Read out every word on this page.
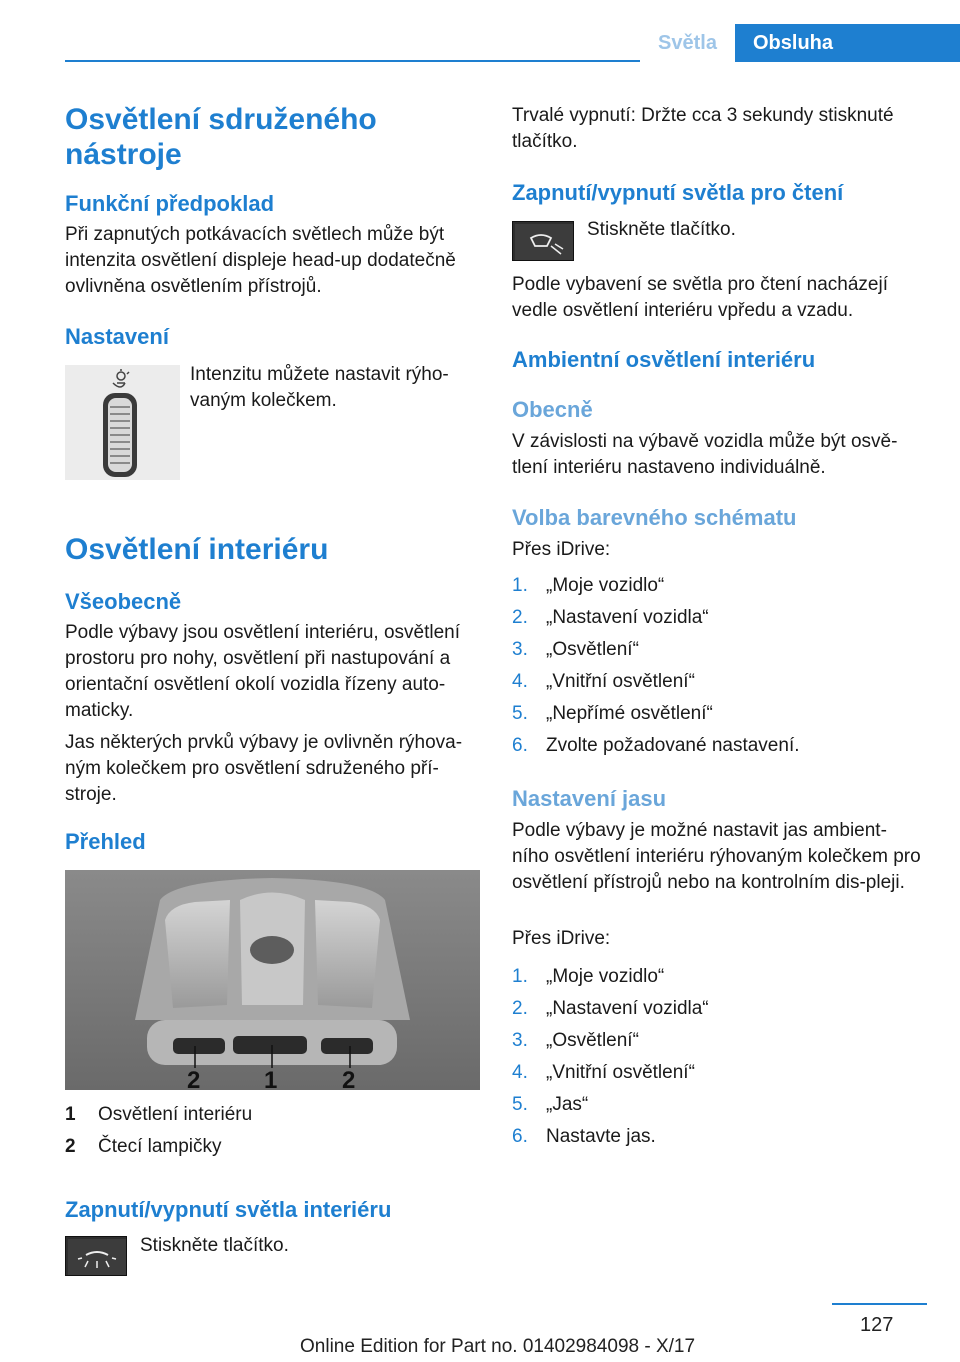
Světla	Obsluha
Osvětlení sdruženého nástroje
Funkční předpoklad
Při zapnutých potkávacích světlech může být intenzita osvětlení displeje head-up dodatečně ovlivněna osvětlením přístrojů.
Nastavení
Intenzitu můžete nastavit rýho-vaným kolečkem.
Osvětlení interiéru
Všeobecně
Podle výbavy jsou osvětlení interiéru, osvětlení prostoru pro nohy, osvětlení při nastupování a orientační osvětlení okolí vozidla řízeny auto-maticky.
Jas některých prvků výbavy je ovlivněn rýhova-ným kolečkem pro osvětlení sdruženého pří-stroje.
Přehled
2	1	2
1 Osvětlení interiéru
2 Čtecí lampičky
Zapnutí/vypnutí světla interiéru
Stiskněte tlačítko.
Trvalé vypnutí: Držte cca 3 sekundy stisknuté tlačítko.
Zapnutí/vypnutí světla pro čtení
Stiskněte tlačítko.
Podle vybavení se světla pro čtení nacházejí vedle osvětlení interiéru vpředu a vzadu.
Ambientní osvětlení interiéru
Obecně
V závislosti na výbavě vozidla může být osvě-tlení interiéru nastaveno individuálně.
Volba barevného schématu
Přes iDrive:
1. „Moje vozidlo“
2. „Nastavení vozidla“
3. „Osvětlení“
4. „Vnitřní osvětlení“
5. „Nepřímé osvětlení“
6. Zvolte požadované nastavení.
Nastavení jasu
Podle výbavy je možné nastavit jas ambient-ního osvětlení interiéru rýhovaným kolečkem pro osvětlení přístrojů nebo na kontrolním dis-pleji.
Přes iDrive:
1. „Moje vozidlo“
2. „Nastavení vozidla“
3. „Osvětlení“
4. „Vnitřní osvětlení“
5. „Jas“
6. Nastavte jas.
127
Online Edition for Part no. 01402984098 - X/17
